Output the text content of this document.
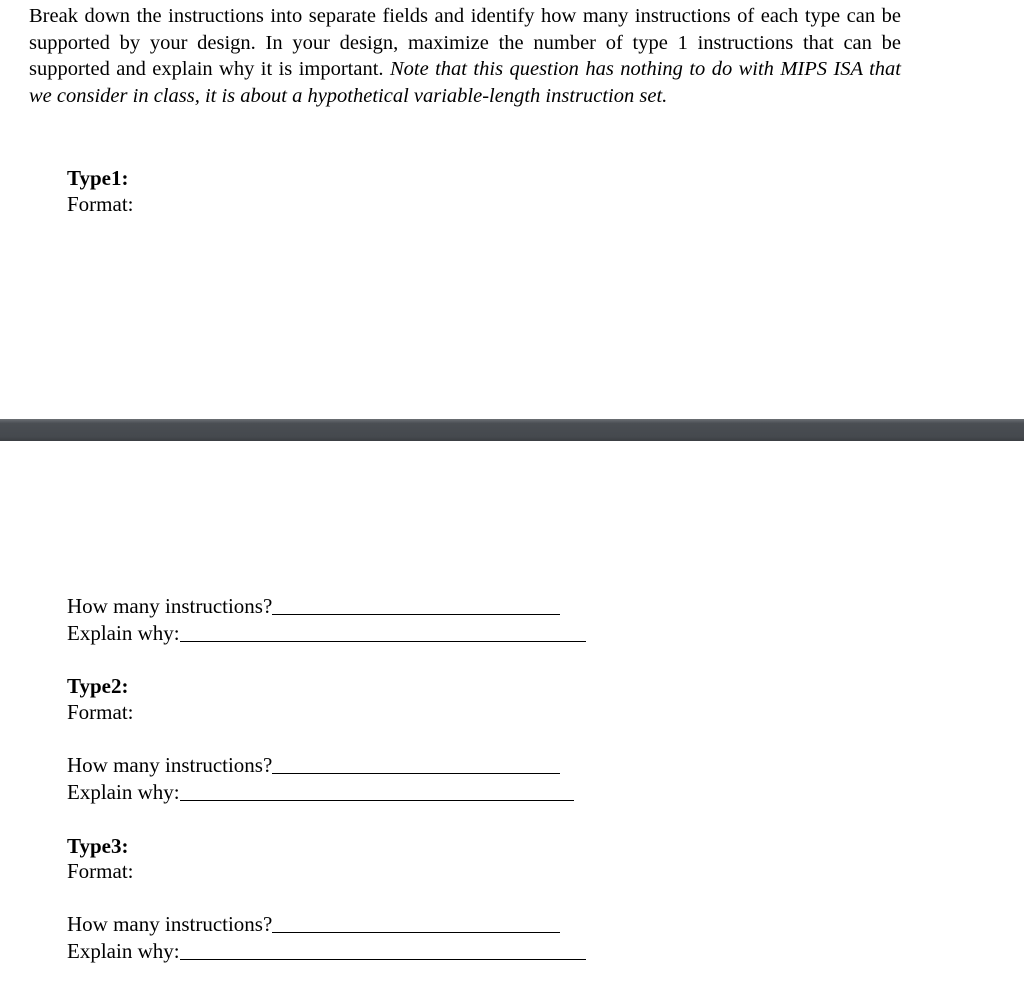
Break down the instructions into separate fields and identify how many instructions of each type can be supported by your design. In your design, maximize the number of type 1 instructions that can be supported and explain why it is important. Note that this question has nothing to do with MIPS ISA that we consider in class, it is about a hypothetical variable-length instruction set.

Type1:
Format:
How many instructions?
Explain why:
Type2:
Format:
How many instructions?
Explain why:
Type3:
Format:
How many instructions?
Explain why:
